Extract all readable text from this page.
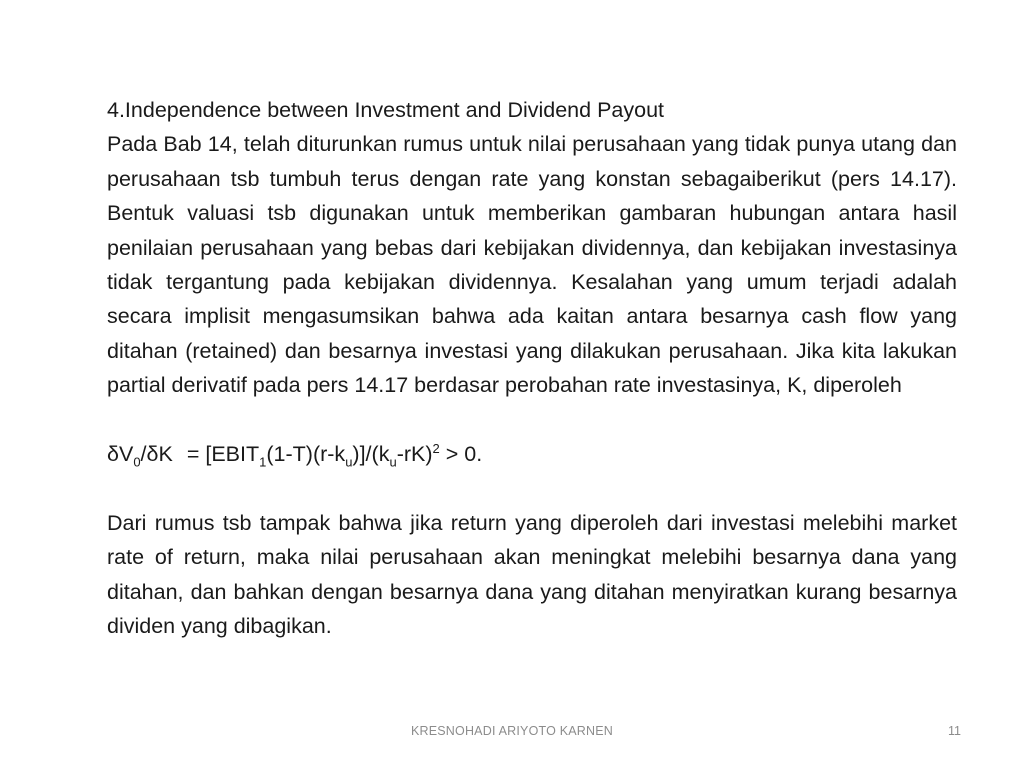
4.Independence between Investment and Dividend Payout

Pada Bab 14, telah diturunkan rumus untuk nilai perusahaan yang tidak punya utang dan perusahaan tsb tumbuh terus dengan rate yang konstan sebagaiberikut (pers 14.17). Bentuk valuasi tsb digunakan untuk memberikan gambaran hubungan antara hasil penilaian perusahaan yang bebas dari kebijakan dividennya, dan kebijakan investasinya tidak tergantung pada kebijakan dividennya. Kesalahan yang umum terjadi adalah secara implisit mengasumsikan bahwa ada kaitan antara besarnya cash flow yang ditahan (retained) dan besarnya investasi yang dilakukan perusahaan. Jika kita lakukan partial derivatif pada pers 14.17 berdasar perobahan rate investasinya, K, diperoleh

$\delta V_0/\delta K$ = $[EBIT_1(1-T)(r-k_u)]/(k_u-rK)^2 > 0$.

Dari rumus tsb tampak bahwa jika return yang diperoleh dari investasi melebihi market rate of return, maka nilai perusahaan akan meningkat melebihi besarnya dana yang ditahan, dan bahkan dengan besarnya dana yang ditahan menyiratkan kurang besarnya dividen yang dibagikan.

KRESNOHADI ARIYOTO KARNEN	11
